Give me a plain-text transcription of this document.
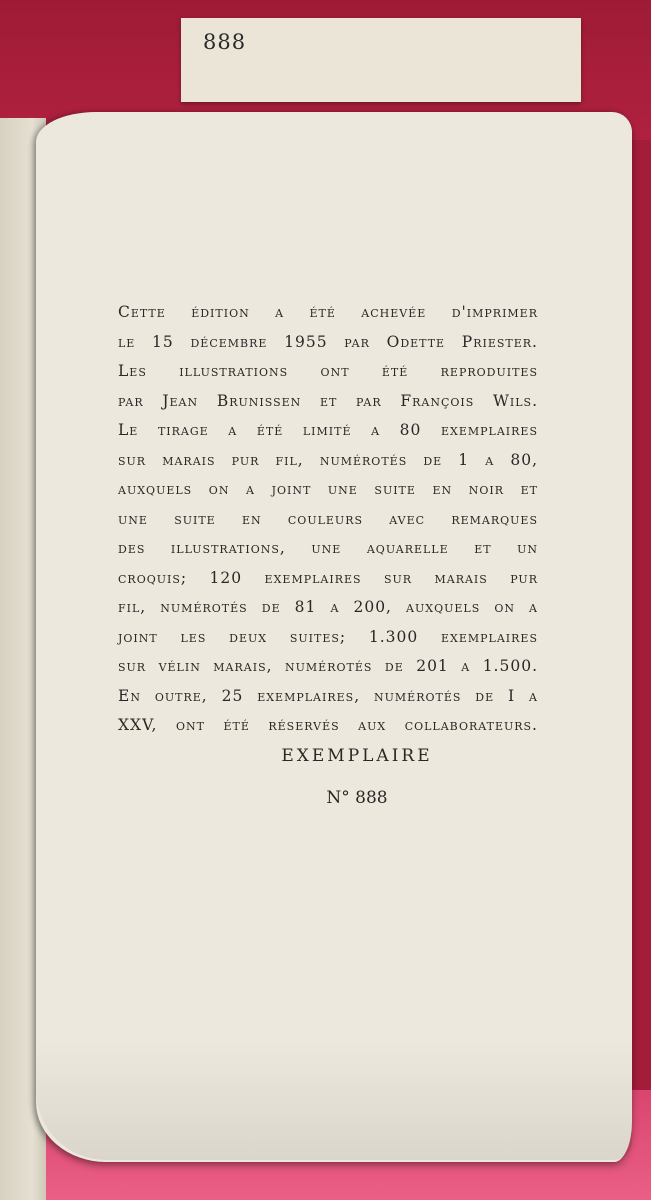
888
Cette édition a été achevée d'imprimer
le 15 décembre 1955 par Odette Priester.
Les illustrations ont été reproduites
par Jean Brunissen et par François Wils.
Le tirage a été limité a 80 exemplaires
sur marais pur fil, numérotés de 1 a 80,
auxquels on a joint une suite en noir et
une suite en couleurs avec remarques
des illustrations, une aquarelle et un
croquis; 120 exemplaires sur marais pur
fil, numérotés de 81 a 200, auxquels on a
joint les deux suites; 1.300 exemplaires
sur vélin marais, numérotés de 201 a 1.500.
En outre, 25 exemplaires, numérotés de I a
XXV, ont été réservés aux collaborateurs.
EXEMPLAIRE
N° 888
